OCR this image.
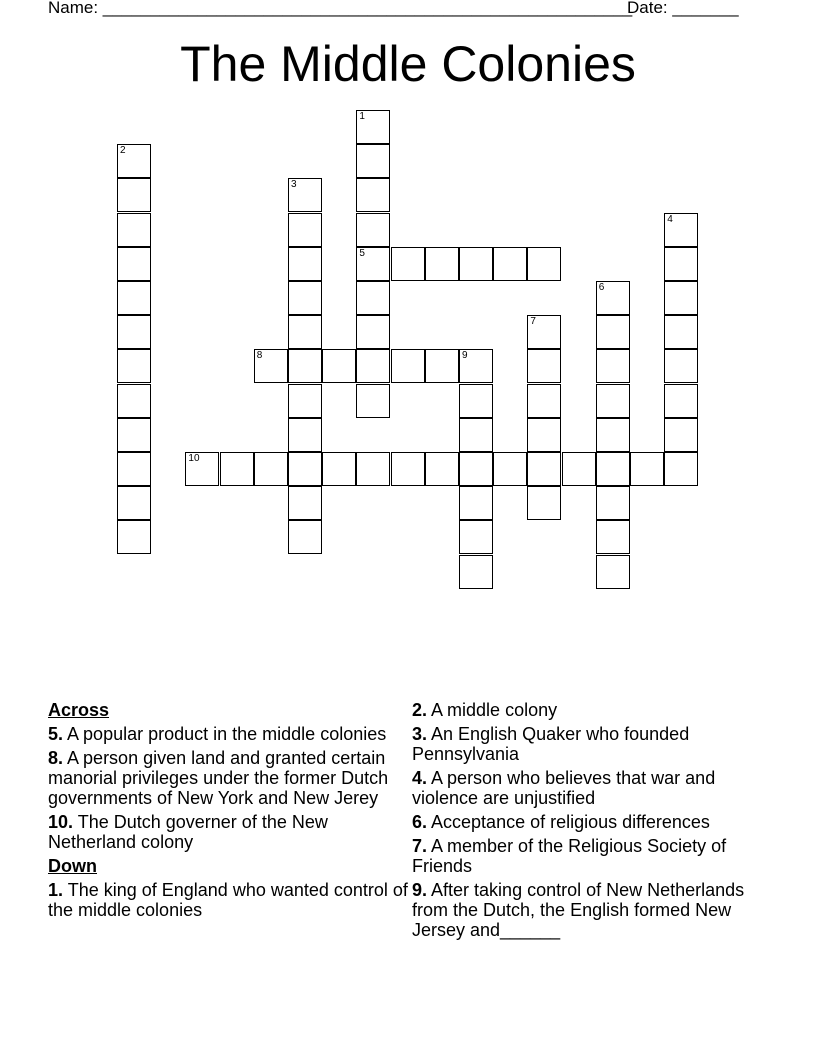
Name: ________________________________________________________
Date: _______
The Middle Colonies
1
5
2
3
4
6
7
8	9
10
Across
5. A popular product in the middle colonies
8. A person given land and granted certain manorial privileges under the former Dutch governments of New York and New Jerey
10. The Dutch governer of the New Netherland colony
Down
1. The king of England who wanted control of the middle colonies
2. A middle colony
3. An English Quaker who founded Pennsylvania
4. A person who believes that war and violence are unjustified
6. Acceptance of religious differences
7. A member of the Religious Society of Friends
9. After taking control of New Netherlands from the Dutch, the English formed New Jersey and______
